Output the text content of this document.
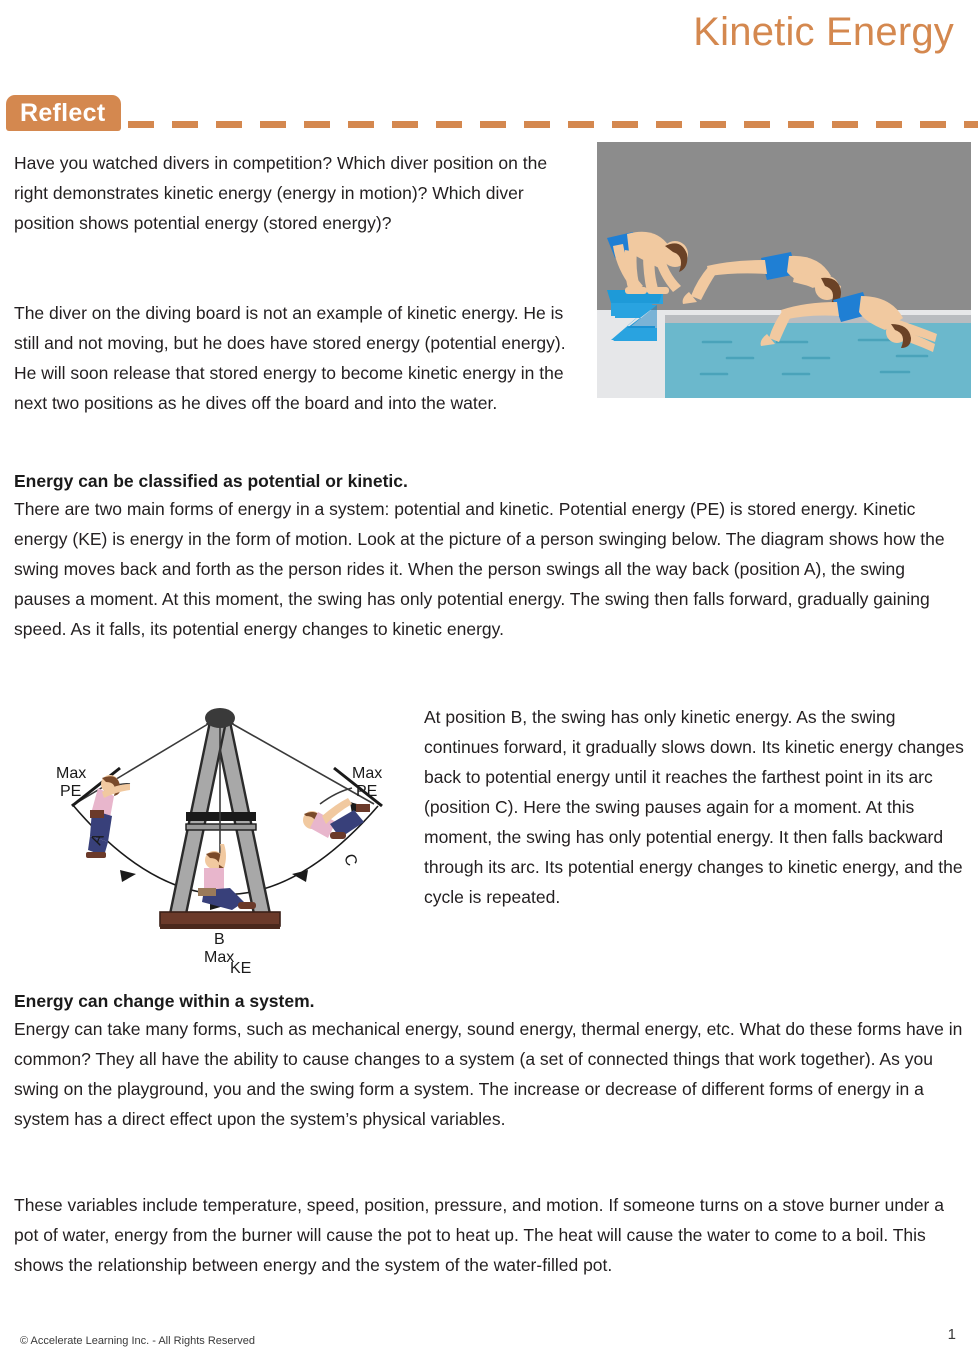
Kinetic Energy
Reflect
Have you watched divers in competition? Which diver position on the right demonstrates kinetic energy (energy in motion)? Which diver position shows potential energy (stored energy)?
The diver on the diving board is not an example of kinetic energy. He is still and not moving, but he does have stored energy (potential energy). He will soon release that stored energy to become kinetic energy in the next two positions as he dives off the board and into the water.
Energy can be classified as potential or kinetic.
There are two main forms of energy in a system: potential and kinetic. Potential energy (PE) is stored energy. Kinetic energy (KE) is energy in the form of motion. Look at the picture of a person swinging below. The diagram shows how the swing moves back and forth as the person rides it. When the person swings all the way back (position A), the swing pauses a moment. At this moment, the swing has only potential energy. The swing then falls forward, gradually gaining speed. As it falls, its potential energy changes to kinetic energy.
Max
PE
A
Max
PE
C
B
Max
KE
At position B, the swing has only kinetic energy. As the swing continues forward, it gradually slows down. Its kinetic energy changes back to potential energy until it reaches the farthest point in its arc (position C). Here the swing pauses again for a moment. At this moment, the swing has only potential energy. It then falls backward through its arc. Its potential energy changes to kinetic energy, and the cycle is repeated.
Energy can change within a system.
Energy can take many forms, such as mechanical energy, sound energy, thermal energy, etc. What do these forms have in common? They all have the ability to cause changes to a system (a set of connected things that work together). As you swing on the playground, you and the swing form a system. The increase or decrease of different forms of energy in a system has a direct effect upon the system’s physical variables.
These variables include temperature, speed, position, pressure, and motion. If someone turns on a stove burner under a pot of water, energy from the burner will cause the pot to heat up. The heat will cause the water to come to a boil. This shows the relationship between energy and the system of the water-filled pot.
© Accelerate Learning Inc. - All Rights Reserved	1
